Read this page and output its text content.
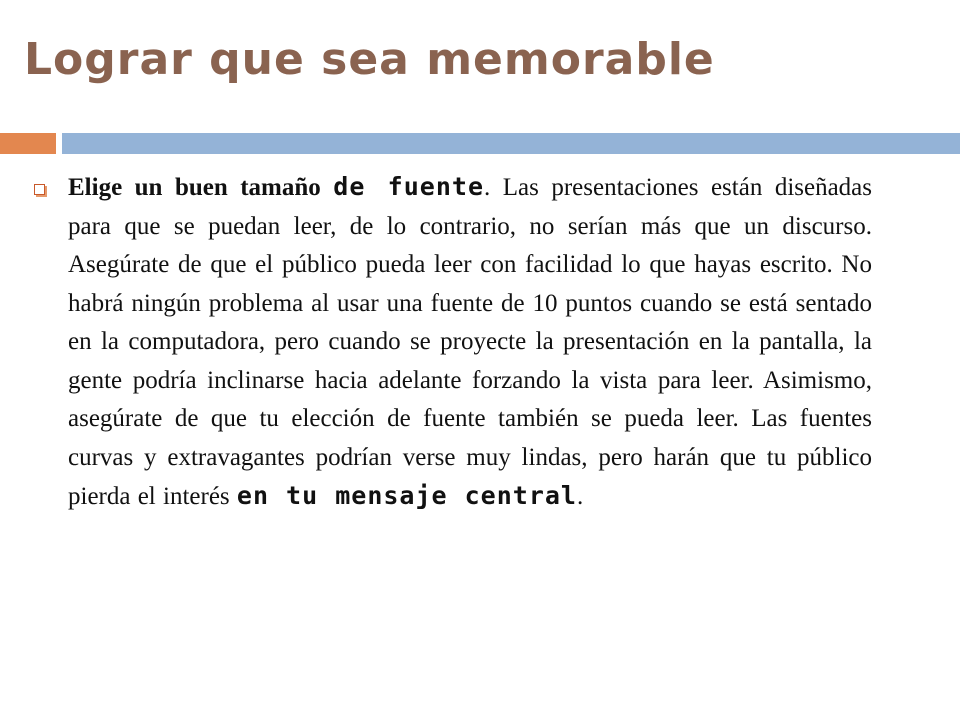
Lograr que sea memorable

Elige un buen tamaño de fuente. Las presentaciones están diseñadas para que se puedan leer, de lo contrario, no serían más que un discurso. Asegúrate de que el público pueda leer con facilidad lo que hayas escrito. No habrá ningún problema al usar una fuente de 10 puntos cuando se está sentado en la computadora, pero cuando se proyecte la presentación en la pantalla, la gente podría inclinarse hacia adelante forzando la vista para leer. Asimismo, asegúrate de que tu elección de fuente también se pueda leer. Las fuentes curvas y extravagantes podrían verse muy lindas, pero harán que tu público pierda el interés en tu mensaje central.
